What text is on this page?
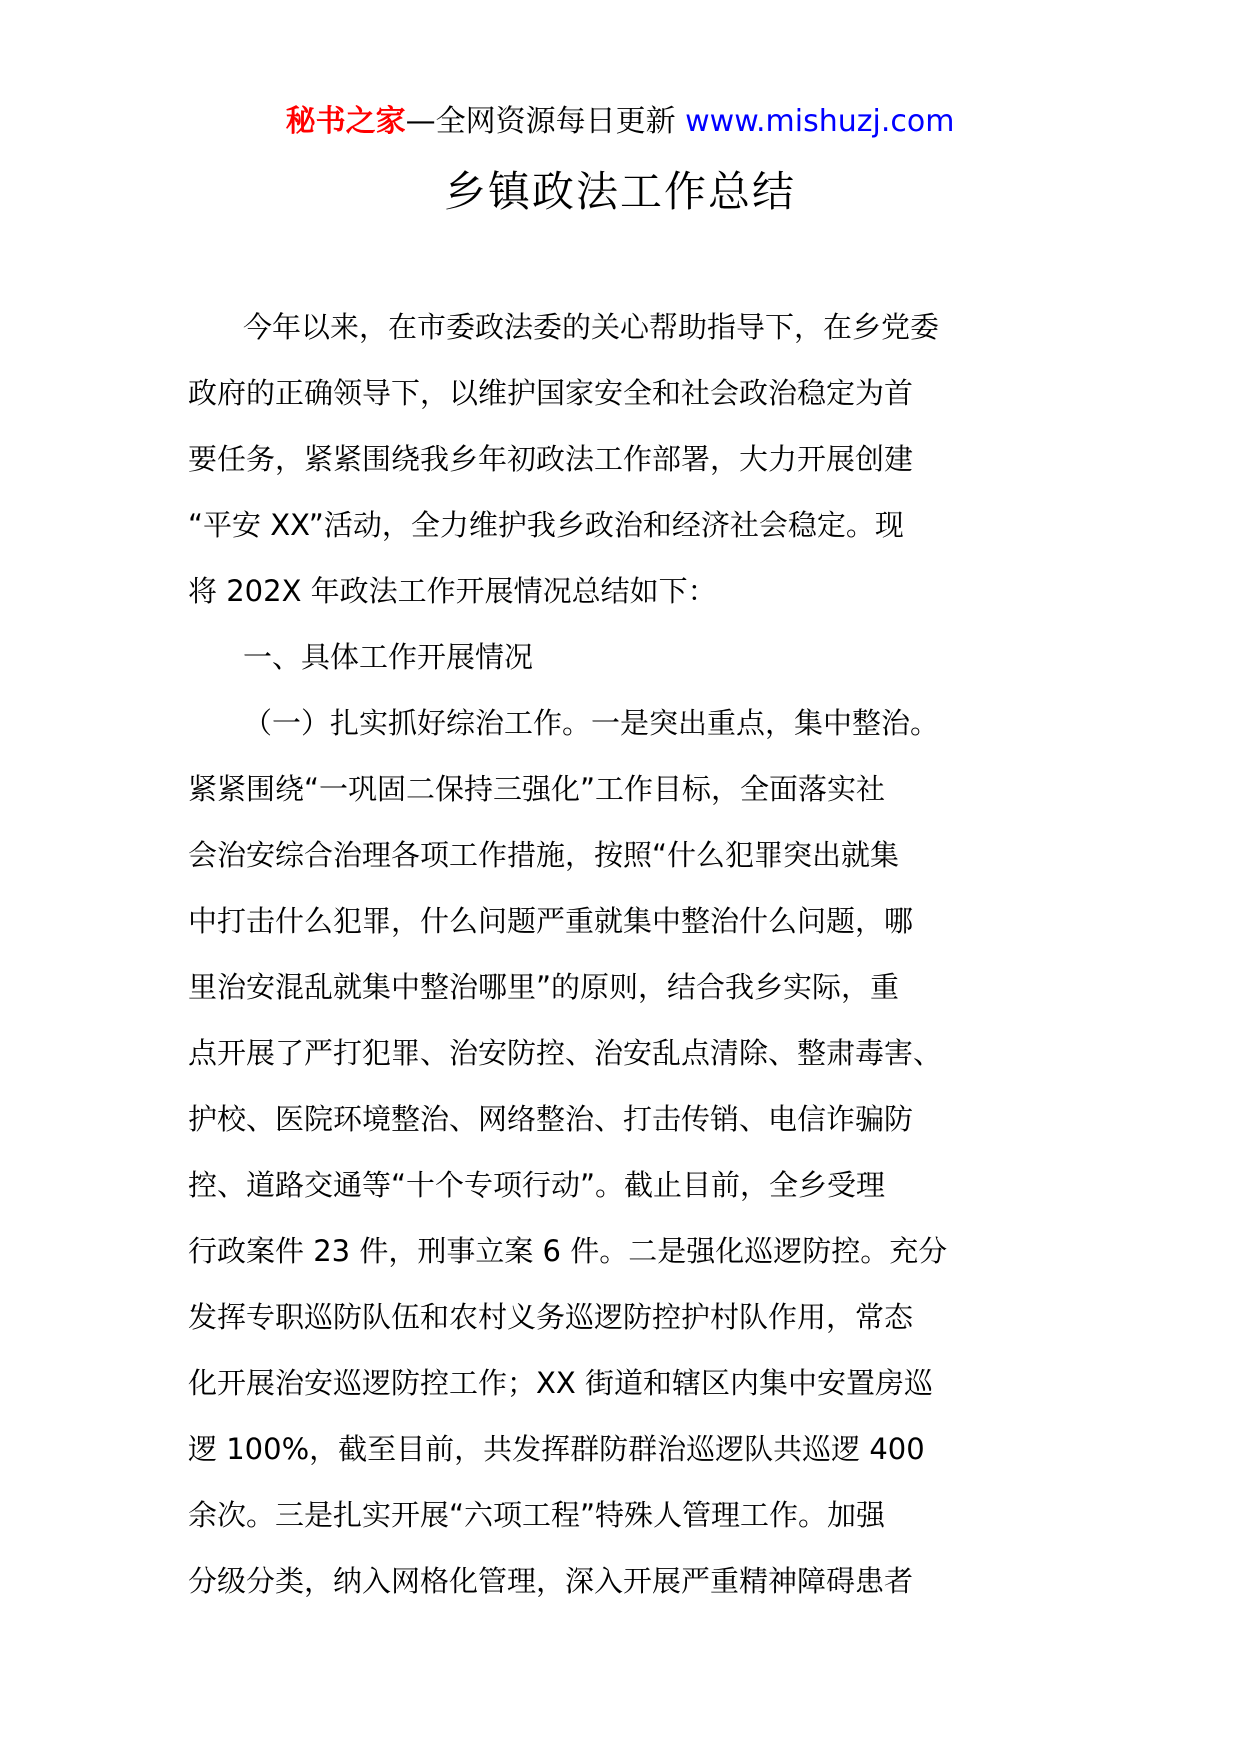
秘书之家—全网资源每日更新 www.mishuzj.com
乡镇政法工作总结
今年以来，在市委政法委的关心帮助指导下，在乡党委
政府的正确领导下，以维护国家安全和社会政治稳定为首
要任务，紧紧围绕我乡年初政法工作部署，大力开展创建
“平安 XX”活动，全力维护我乡政治和经济社会稳定。现
将 202X 年政法工作开展情况总结如下：
一、具体工作开展情况
（一）扎实抓好综治工作。一是突出重点，集中整治。
紧紧围绕“一巩固二保持三强化”工作目标，全面落实社
会治安综合治理各项工作措施，按照“什么犯罪突出就集
中打击什么犯罪，什么问题严重就集中整治什么问题，哪
里治安混乱就集中整治哪里”的原则，结合我乡实际，重
点开展了严打犯罪、治安防控、治安乱点清除、整肃毒害、
护校、医院环境整治、网络整治、打击传销、电信诈骗防
控、道路交通等“十个专项行动”。截止目前，全乡受理
行政案件 23 件，刑事立案 6 件。二是强化巡逻防控。充分
发挥专职巡防队伍和农村义务巡逻防控护村队作用，常态
化开展治安巡逻防控工作；XX 街道和辖区内集中安置房巡
逻 100%，截至目前，共发挥群防群治巡逻队共巡逻 400
余次。三是扎实开展“六项工程”特殊人管理工作。加强
分级分类，纳入网格化管理，深入开展严重精神障碍患者
